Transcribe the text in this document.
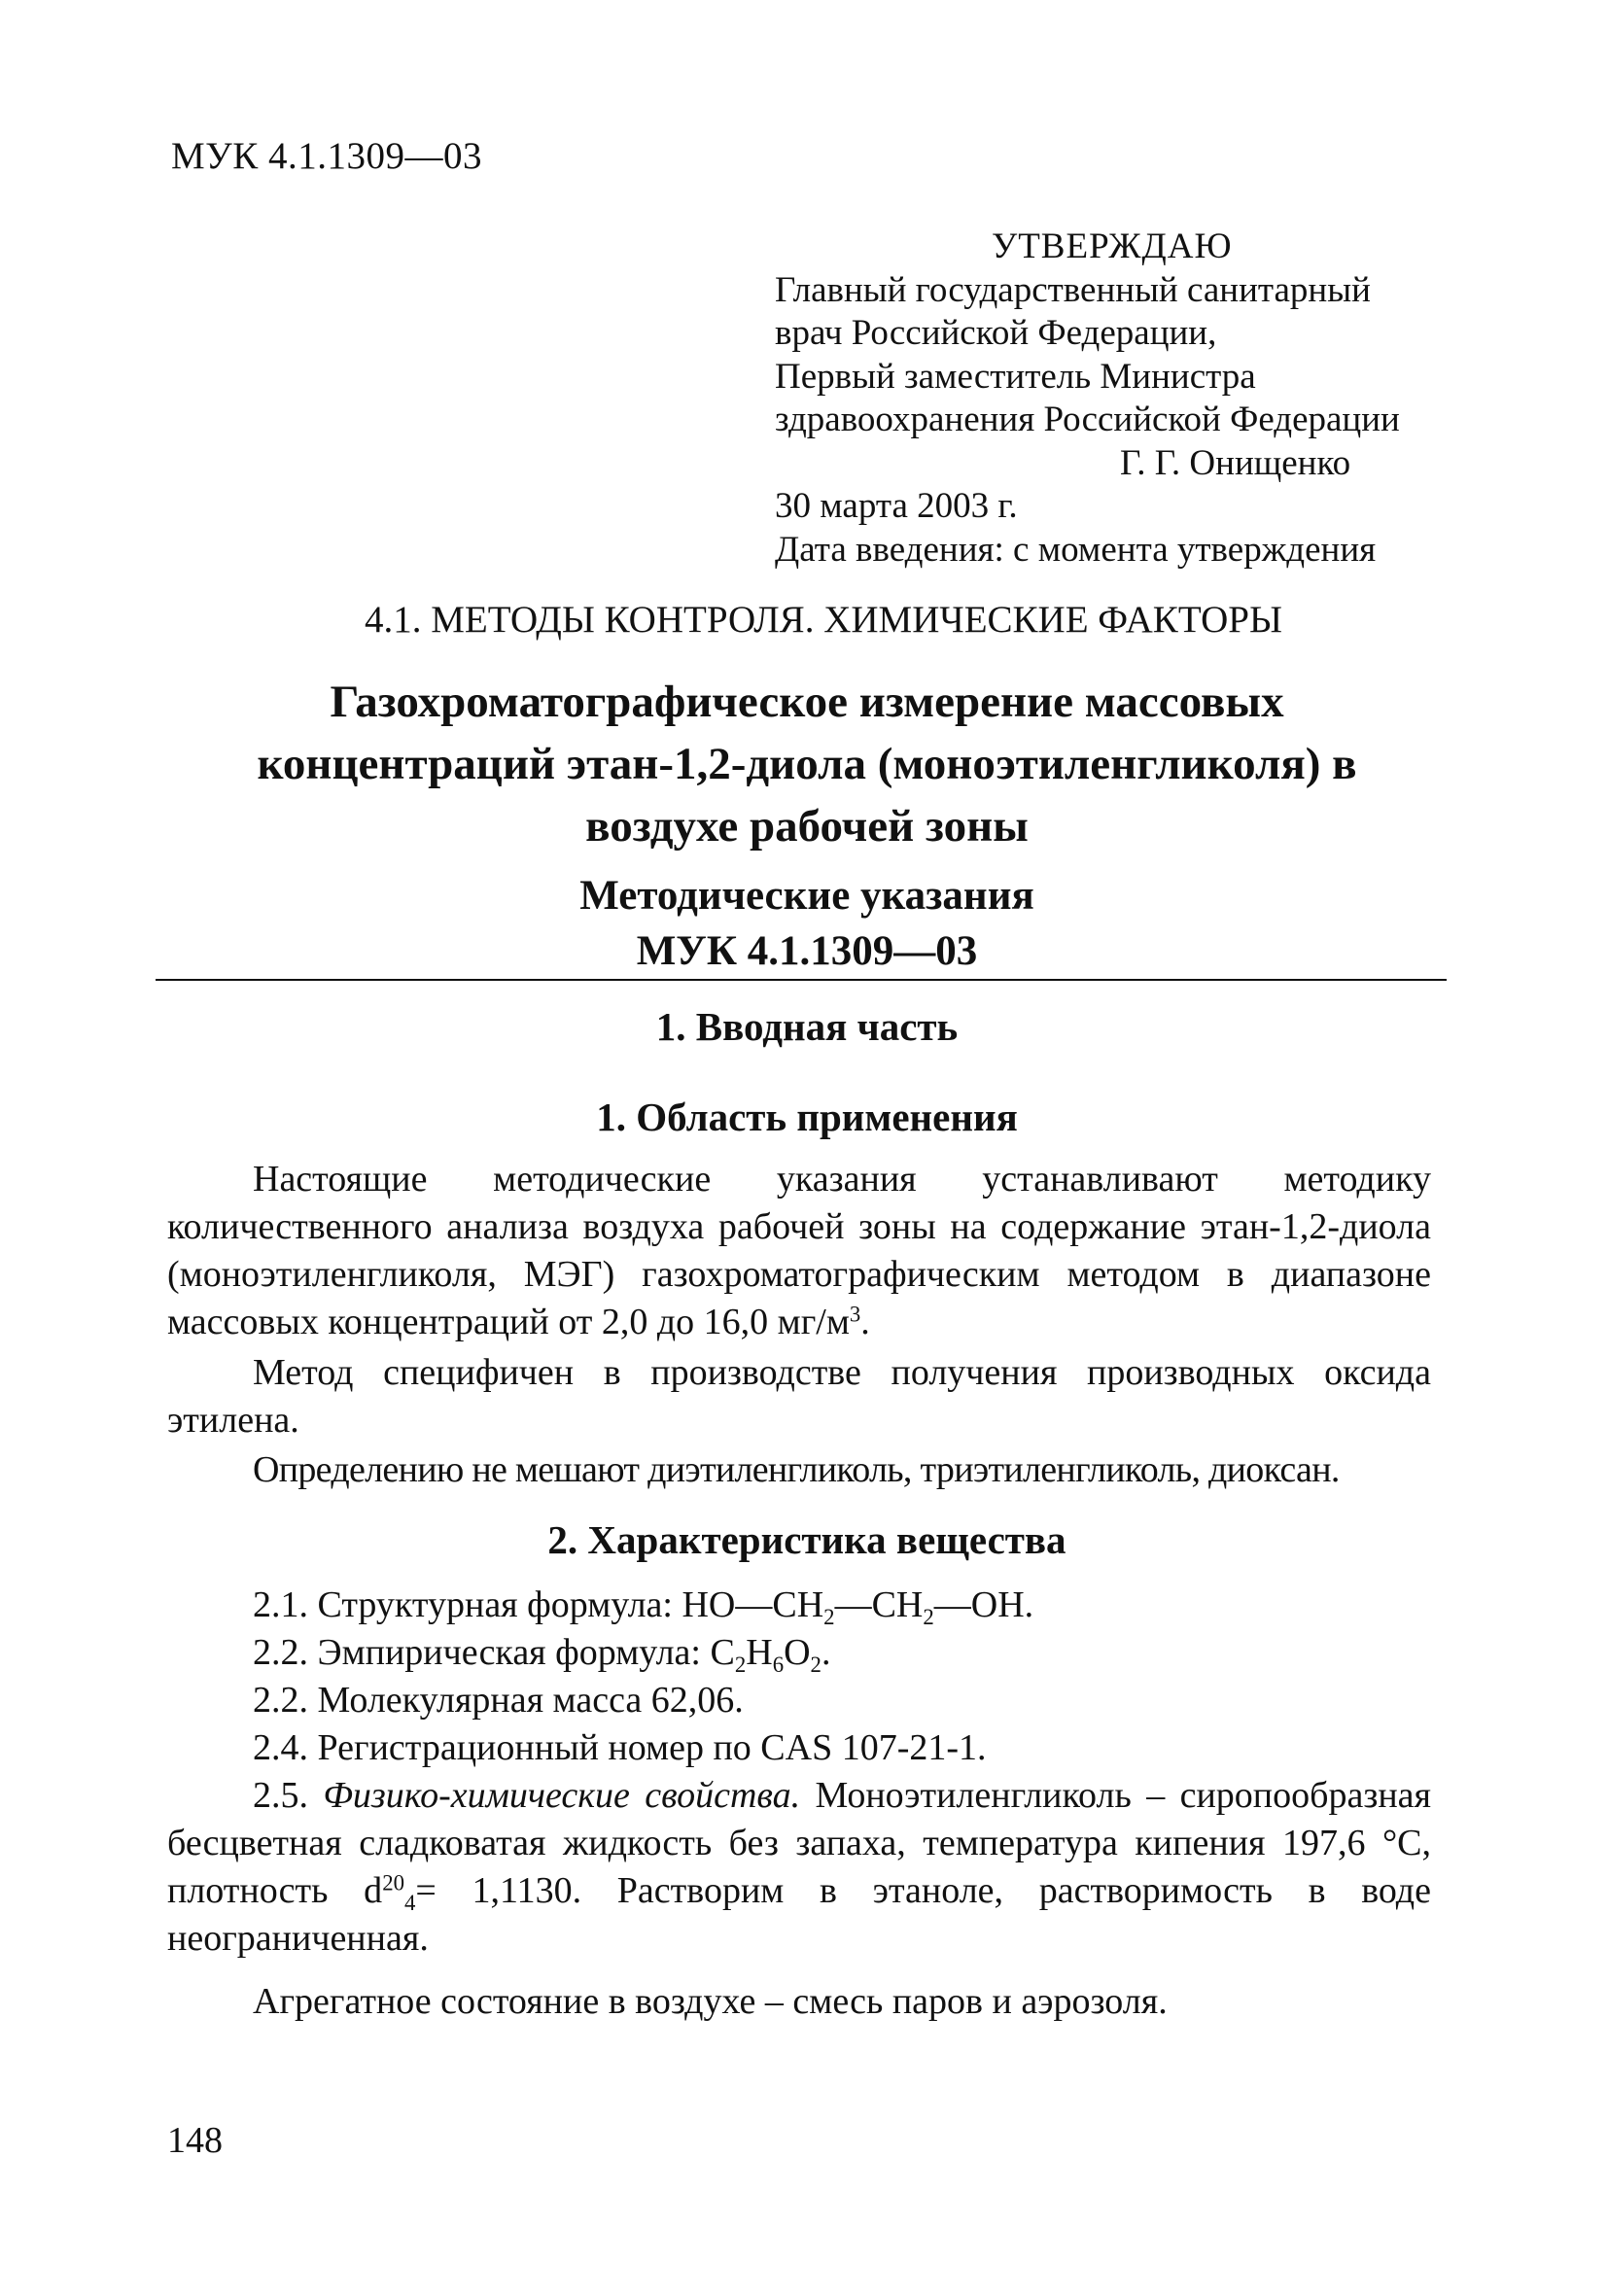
МУК 4.1.1309—03
УТВЕРЖДАЮ
Главный государственный санитарный
врач Российской Федерации,
Первый заместитель Министра
здравоохранения Российской Федерации
Г. Г. Онищенко
30 марта 2003 г.
Дата введения: с момента утверждения
4.1. МЕТОДЫ КОНТРОЛЯ. ХИМИЧЕСКИЕ ФАКТОРЫ
Газохроматографическое измерение массовых
концентраций этан-1,2-диола (моноэтиленгликоля) в
воздухе рабочей зоны
Методические указания
МУК 4.1.1309—03
1. Вводная часть
1. Область применения
Настоящие методические указания устанавливают методику количественного анализа воздуха рабочей зоны на содержание этан-1,2-диола (моноэтиленгликоля, МЭГ) газохроматографическим методом в диапазоне массовых концентраций от 2,0 до 16,0 $мг/м^3$.
Метод специфичен в производстве получения производных оксида этилена.
Определению не мешают диэтиленгликоль, триэтиленгликоль, диоксан.
2. Характеристика вещества
2.1. Структурная формула: $HO—CH_2—CH_2—OH$.
2.2. Эмпирическая формула: $C_2H_6O_2$.
2.2. Молекулярная масса 62,06.
2.4. Регистрационный номер по CAS 107-21-1.
2.5. Физико-химические свойства. Моноэтиленгликоль – сиропообразная бесцветная сладковатая жидкость без запаха, температура кипения 197,6 °C, плотность $d^{20}_4= 1,1130$. Растворим в этаноле, растворимость в воде неограниченная.
Агрегатное состояние в воздухе – смесь паров и аэрозоля.
148
